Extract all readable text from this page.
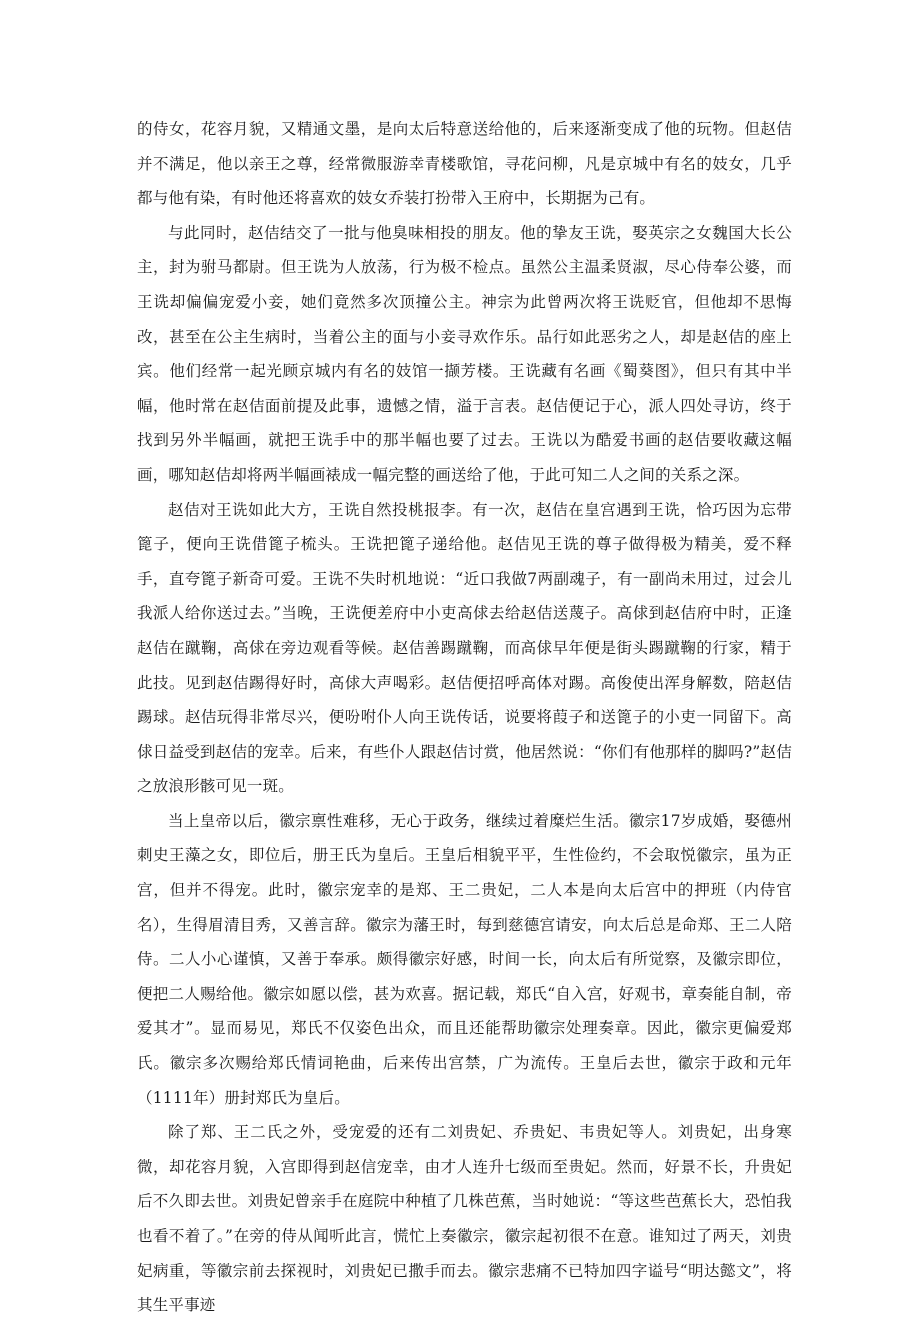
的侍女，花容月貌，又精通文墨，是向太后特意送给他的，后来逐渐变成了他的玩物。但赵佶并不满足，他以亲王之尊，经常微服游幸青楼歌馆，寻花问柳，凡是京城中有名的妓女，几乎都与他有染，有时他还将喜欢的妓女乔装打扮带入王府中，长期据为己有。

与此同时，赵佶结交了一批与他臭味相投的朋友。他的挚友王诜，娶英宗之女魏国大长公主，封为驸马都尉。但王诜为人放荡，行为极不检点。虽然公主温柔贤淑，尽心侍奉公婆，而王诜却偏偏宠爱小妾，她们竟然多次顶撞公主。神宗为此曾两次将王诜贬官，但他却不思悔改，甚至在公主生病时，当着公主的面与小妾寻欢作乐。品行如此恶劣之人，却是赵佶的座上宾。他们经常一起光顾京城内有名的妓馆一撷芳楼。王诜藏有名画《蜀葵图》，但只有其中半幅，他时常在赵佶面前提及此事，遗憾之情，溢于言表。赵佶便记于心，派人四处寻访，终于找到另外半幅画，就把王诜手中的那半幅也要了过去。王诜以为酷爱书画的赵佶要收藏这幅画，哪知赵佶却将两半幅画裱成一幅完整的画送给了他，于此可知二人之间的关系之深。

赵佶对王诜如此大方，王诜自然投桃报李。有一次，赵佶在皇宫遇到王诜，恰巧因为忘带篦子，便向王诜借篦子梳头。王诜把篦子递给他。赵佶见王诜的尊子做得极为精美，爱不释手，直夸篦子新奇可爱。王诜不失时机地说：“近口我做7两副魂子，有一副尚未用过，过会儿我派人给你送过去。”当晚，王诜便差府中小吏高俅去给赵佶送蔑子。高俅到赵佶府中时，正逢赵佶在蹴鞠，高俅在旁边观看等候。赵佶善踢蹴鞠，而高俅早年便是街头踢蹴鞠的行家，精于此技。见到赵佶踢得好时，高俅大声喝彩。赵佶便招呼高体对踢。高俊使出浑身解数，陪赵佶踢球。赵佶玩得非常尽兴，便吩咐仆人向王诜传话，说要将葭子和送篦子的小吏一同留下。高俅日益受到赵佶的宠幸。后来，有些仆人跟赵佶讨赏，他居然说：“你们有他那样的脚吗?”赵佶之放浪形骸可见一斑。

当上皇帝以后，徽宗禀性难移，无心于政务，继续过着糜烂生活。徽宗17岁成婚，娶德州刺史王藻之女，即位后，册王氏为皇后。王皇后相貌平平，生性俭约，不会取悦徽宗，虽为正宫，但并不得宠。此时，徽宗宠幸的是郑、王二贵妃，二人本是向太后宫中的押班（内侍官名），生得眉清目秀，又善言辞。徽宗为藩王时，每到慈德宫请安，向太后总是命郑、王二人陪侍。二人小心谨慎，又善于奉承。颇得徽宗好感，时间一长，向太后有所觉察，及徽宗即位，便把二人赐给他。徽宗如愿以偿，甚为欢喜。据记载，郑氏“自入宫，好观书，章奏能自制，帝爱其才”。显而易见，郑氏不仅姿色出众，而且还能帮助徽宗处理奏章。因此，徽宗更偏爱郑氏。徽宗多次赐给郑氏情词艳曲，后来传出宫禁，广为流传。王皇后去世，徽宗于政和元年（1111年）册封郑氏为皇后。

除了郑、王二氏之外，受宠爱的还有二刘贵妃、乔贵妃、韦贵妃等人。刘贵妃，出身寒微，却花容月貌，入宫即得到赵信宠幸，由才人连升七级而至贵妃。然而，好景不长，升贵妃后不久即去世。刘贵妃曾亲手在庭院中种植了几株芭蕉，当时她说：“等这些芭蕉长大，恐怕我也看不着了。”在旁的侍从闻听此言，慌忙上奏徽宗，徽宗起初很不在意。谁知过了两天，刘贵妃病重，等徽宗前去探视时，刘贵妃已撒手而去。徽宗悲痛不已特加四字谥号“明达懿文”，将其生平事迹
